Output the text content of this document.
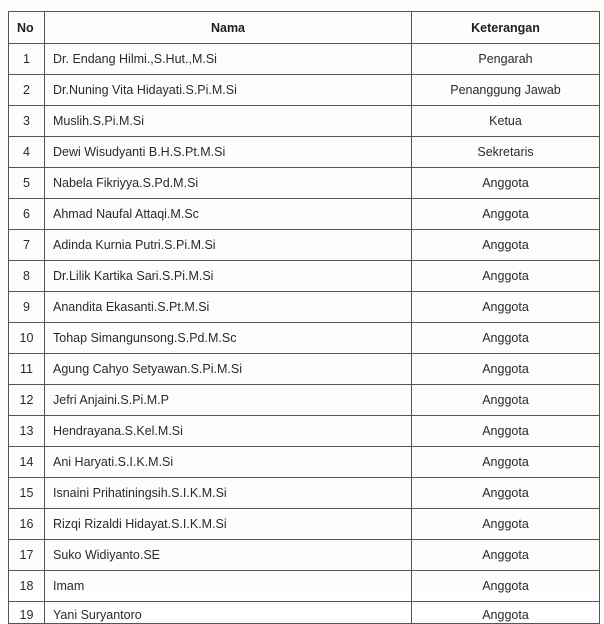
No	Nama	Keterangan
1	Dr. Endang Hilmi.,S.Hut.,M.Si	Pengarah
2	Dr.Nuning Vita Hidayati.S.Pi.M.Si	Penanggung Jawab
3	Muslih.S.Pi.M.Si	Ketua
4	Dewi Wisudyanti B.H.S.Pt.M.Si	Sekretaris
5	Nabela Fikriyya.S.Pd.M.Si	Anggota
6	Ahmad Naufal Attaqi.M.Sc	Anggota
7	Adinda Kurnia Putri.S.Pi.M.Si	Anggota
8	Dr.Lilik Kartika Sari.S.Pi.M.Si	Anggota
9	Anandita Ekasanti.S.Pt.M.Si	Anggota
10	Tohap Simangunsong.S.Pd.M.Sc	Anggota
11	Agung Cahyo Setyawan.S.Pi.M.Si	Anggota
12	Jefri Anjaini.S.Pi.M.P	Anggota
13	Hendrayana.S.Kel.M.Si	Anggota
14	Ani Haryati.S.I.K.M.Si	Anggota
15	Isnaini Prihatiningsih.S.I.K.M.Si	Anggota
16	Rizqi Rizaldi Hidayat.S.I.K.M.Si	Anggota
17	Suko Widiyanto.SE	Anggota
18	Imam	Anggota
19	Yani Suryantoro	Anggota
